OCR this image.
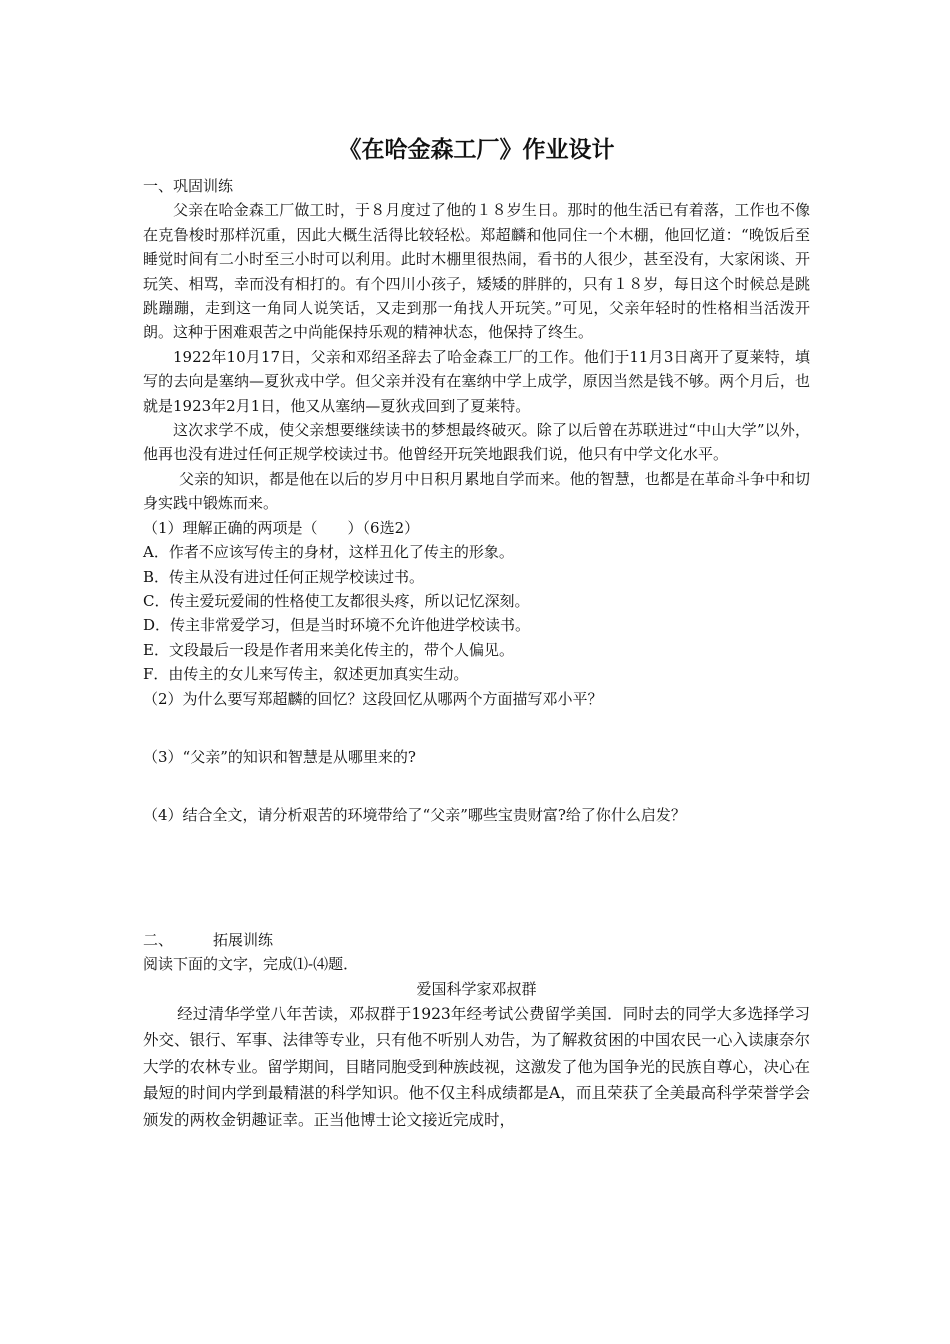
《在哈金森工厂》作业设计

一、巩固训练

父亲在哈金森工厂做工时，于８月度过了他的１８岁生日。那时的他生活已有着落，工作也不像在克鲁梭时那样沉重，因此大概生活得比较轻松。郑超麟和他同住一个木棚，他回忆道：“晚饭后至睡觉时间有二小时至三小时可以利用。此时木棚里很热闹，看书的人很少，甚至没有，大家闲谈、开玩笑、相骂，幸而没有相打的。有个四川小孩子，矮矮的胖胖的，只有１８岁，每日这个时候总是跳跳蹦蹦，走到这一角同人说笑话，又走到那一角找人开玩笑。”可见，父亲年轻时的性格相当活泼开朗。这种于困难艰苦之中尚能保持乐观的精神状态，他保持了终生。

1922年10月17日，父亲和邓绍圣辞去了哈金森工厂的工作。他们于11月3日离开了夏莱特，填写的去向是塞纳—夏狄戎中学。但父亲并没有在塞纳中学上成学，原因当然是钱不够。两个月后，也就是1923年2月1日，他又从塞纳—夏狄戎回到了夏莱特。

这次求学不成，使父亲想要继续读书的梦想最终破灭。除了以后曾在苏联进过“中山大学”以外，他再也没有进过任何正规学校读过书。他曾经开玩笑地跟我们说，他只有中学文化水平。

父亲的知识，都是他在以后的岁月中日积月累地自学而来。他的智慧，也都是在革命斗争中和切身实践中锻炼而来。

（1）理解正确的两项是（　　）（6选2）

A．作者不应该写传主的身材，这样丑化了传主的形象。

B．传主从没有进过任何正规学校读过书。

C．传主爱玩爱闹的性格使工友都很头疼，所以记忆深刻。

D．传主非常爱学习，但是当时环境不允许他进学校读书。

E．文段最后一段是作者用来美化传主的，带个人偏见。

F．由传主的女儿来写传主，叙述更加真实生动。

（2）为什么要写郑超麟的回忆？这段回忆从哪两个方面描写邓小平？

（3）“父亲”的知识和智慧是从哪里来的?

（4）结合全文，请分析艰苦的环境带给了“父亲”哪些宝贵财富?给了你什么启发？

二、	拓展训练

阅读下面的文字，完成⑴-⑷题．

爱国科学家邓叔群

经过清华学堂八年苦读，邓叔群于1923年经考试公费留学美国．同时去的同学大多选择学习外交、银行、军事、法律等专业，只有他不听别人劝告，为了解救贫困的中国农民一心入读康奈尔大学的农林专业。留学期间，目睹同胞受到种族歧视，这激发了他为国争光的民族自尊心，决心在最短的时间内学到最精湛的科学知识。他不仅主科成绩都是A，而且荣获了全美最高科学荣誉学会颁发的两枚金钥趣证幸。正当他博士论文接近完成时，
